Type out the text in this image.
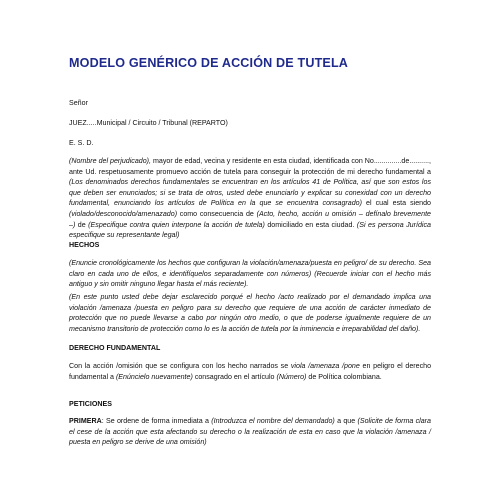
MODELO GENÉRICO DE ACCIÓN DE TUTELA
Señor
JUEZ.....Municipal / Circuito / Tribunal (REPARTO)
E. S. D.
(Nombre del perjudicado), mayor de edad, vecina y residente en esta ciudad, identificada con No..............de.........., ante Ud. respetuosamente promuevo acción de tutela para conseguir la protección de mi derecho fundamental a (Los denominados derechos fundamentales se encuentran en los artículos 41 de Política, así que son estos los que deben ser enunciados; si se trata de otros, usted debe enunciarlo y explicar su conexidad con un derecho fundamental, enunciando los artículos de Política en la que se encuentra consagrado) el cual esta siendo (violado/desconocido/amenazado) como consecuencia de (Acto, hecho, acción u omisión – defínalo brevemente –) de (Especifique contra quien interpone la acción de tutela) domiciliado en esta ciudad. (Si es persona Jurídica especifique su representante legal)
HECHOS
(Enuncie cronológicamente los hechos que configuran la violación/amenaza/puesta en peligro/ de su derecho. Sea claro en cada uno de ellos, e identifíquelos separadamente con números) (Recuerde iniciar con el hecho más antiguo y sin omitir ninguno llegar hasta el más reciente).
(En este punto usted debe dejar esclarecido porqué el hecho /acto realizado por el demandado implica una violación /amenaza /puesta en peligro para su derecho que requiere de una acción de carácter inmediato de protección que no puede llevarse a cabo por ningún otro medio, o que de poderse igualmente requiere de un mecanismo transitorio de protección como lo es la acción de tutela por la inminencia e irreparabilidad del daño).
DERECHO FUNDAMENTAL
Con la acción /omisión que se configura con los hecho narrados se viola /amenaza /pone en peligro el derecho fundamental a (Enúncielo nuevamente) consagrado en el artículo (Número) de Política colombiana.
PETICIONES
PRIMERA: Se ordene de forma inmediata a (Introduzca el nombre del demandado) a que (Solicite de forma clara el cese de la acción que esta afectando su derecho o la realización de esta en caso que la violación /amenaza / puesta en peligro se derive de una omisión)
